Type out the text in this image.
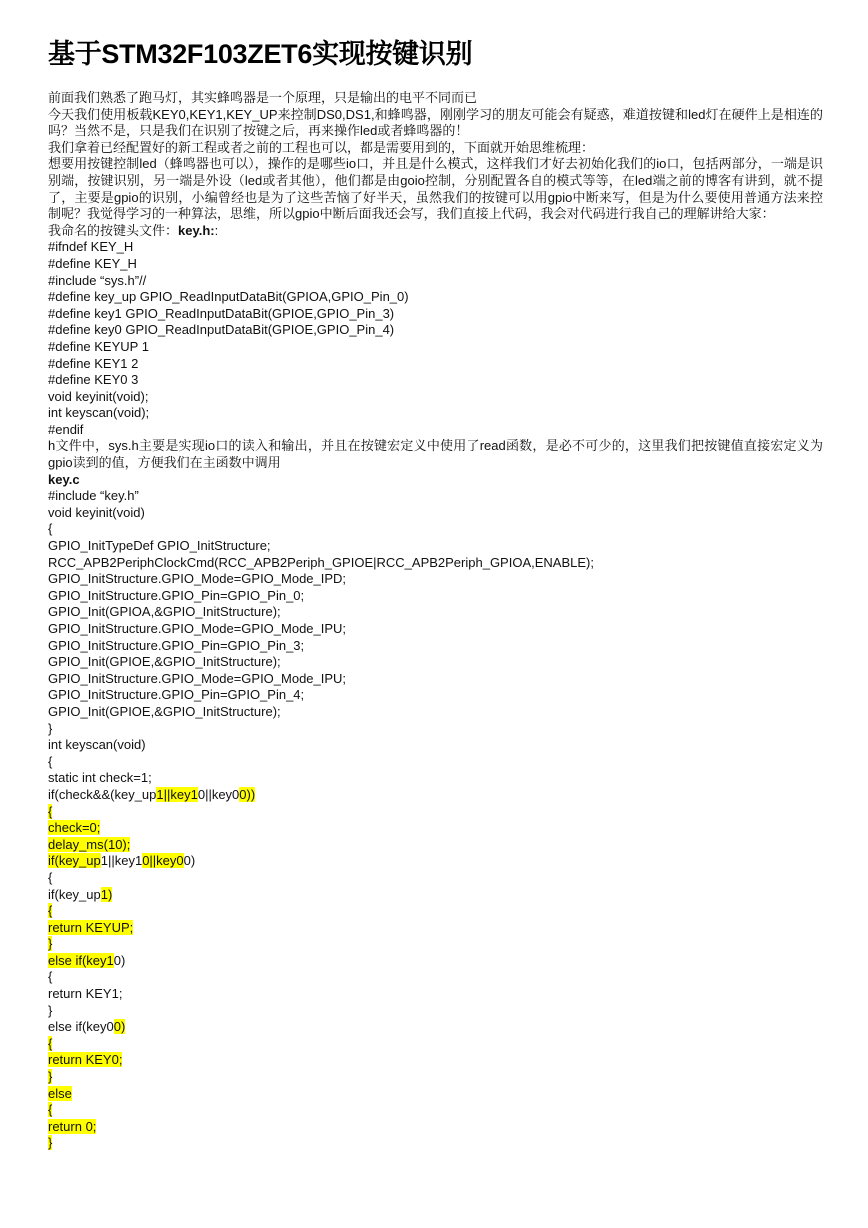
基于STM32F103ZET6实现按键识别
前面我们熟悉了跑马灯，其实蜂鸣器是一个原理，只是输出的电平不同而已
今天我们使用板载KEY0,KEY1,KEY_UP来控制DS0,DS1,和蜂鸣器，刚刚学习的朋友可能会有疑惑，难道按键和led灯在硬件上是相连的吗？当然不是，只是我们在识别了按键之后，再来操作led或者蜂鸣器的！
我们拿着已经配置好的新工程或者之前的工程也可以，都是需要用到的，下面就开始思维梳理：
想要用按键控制led（蜂鸣器也可以），操作的是哪些io口，并且是什么模式，这样我们才好去初始化我们的io口，包括两部分，一端是识别端，按键识别，另一端是外设（led或者其他），他们都是由goio控制，分别配置各自的模式等等，在led端之前的博客有讲到，就不提了，主要是gpio的识别，小编曾经也是为了这些苦恼了好半天，虽然我们的按键可以用gpio中断来写，但是为什么要使用普通方法来控制呢？我觉得学习的一种算法，思维，所以gpio中断后面我还会写，我们直接上代码，我会对代码进行我自己的理解讲给大家：
我命名的按键头文件：key.h::
#ifndef KEY_H
#define KEY_H
#include “sys.h”//
#define key_up GPIO_ReadInputDataBit(GPIOA,GPIO_Pin_0)
#define key1 GPIO_ReadInputDataBit(GPIOE,GPIO_Pin_3)
#define key0 GPIO_ReadInputDataBit(GPIOE,GPIO_Pin_4)
#define KEYUP 1
#define KEY1 2
#define KEY0 3
void keyinit(void);
int keyscan(void);
#endif
h文件中，sys.h主要是实现io口的读入和输出，并且在按键宏定义中使用了read函数，是必不可少的，这里我们把按键值直接宏定义为gpio读到的值，方便我们在主函数中调用
key.c
#include “key.h”
void keyinit(void)
{
GPIO_InitTypeDef GPIO_InitStructure;
RCC_APB2PeriphClockCmd(RCC_APB2Periph_GPIOE|RCC_APB2Periph_GPIOA,ENABLE);
GPIO_InitStructure.GPIO_Mode=GPIO_Mode_IPD;
GPIO_InitStructure.GPIO_Pin=GPIO_Pin_0;
GPIO_Init(GPIOA,&GPIO_InitStructure);
GPIO_InitStructure.GPIO_Mode=GPIO_Mode_IPU;
GPIO_InitStructure.GPIO_Pin=GPIO_Pin_3;
GPIO_Init(GPIOE,&GPIO_InitStructure);
GPIO_InitStructure.GPIO_Mode=GPIO_Mode_IPU;
GPIO_InitStructure.GPIO_Pin=GPIO_Pin_4;
GPIO_Init(GPIOE,&GPIO_InitStructure);
}
int keyscan(void)
{
static int check=1;
if(check&&(key_up1||key10||key00))
{
check=0;
delay_ms(10);
if(key_up1||key10||key00)
{
if(key_up1)
{
return KEYUP;
}
else if(key10)
{
return KEY1;
}
else if(key00)
{
return KEY0;
}
else
{
return 0;
}
